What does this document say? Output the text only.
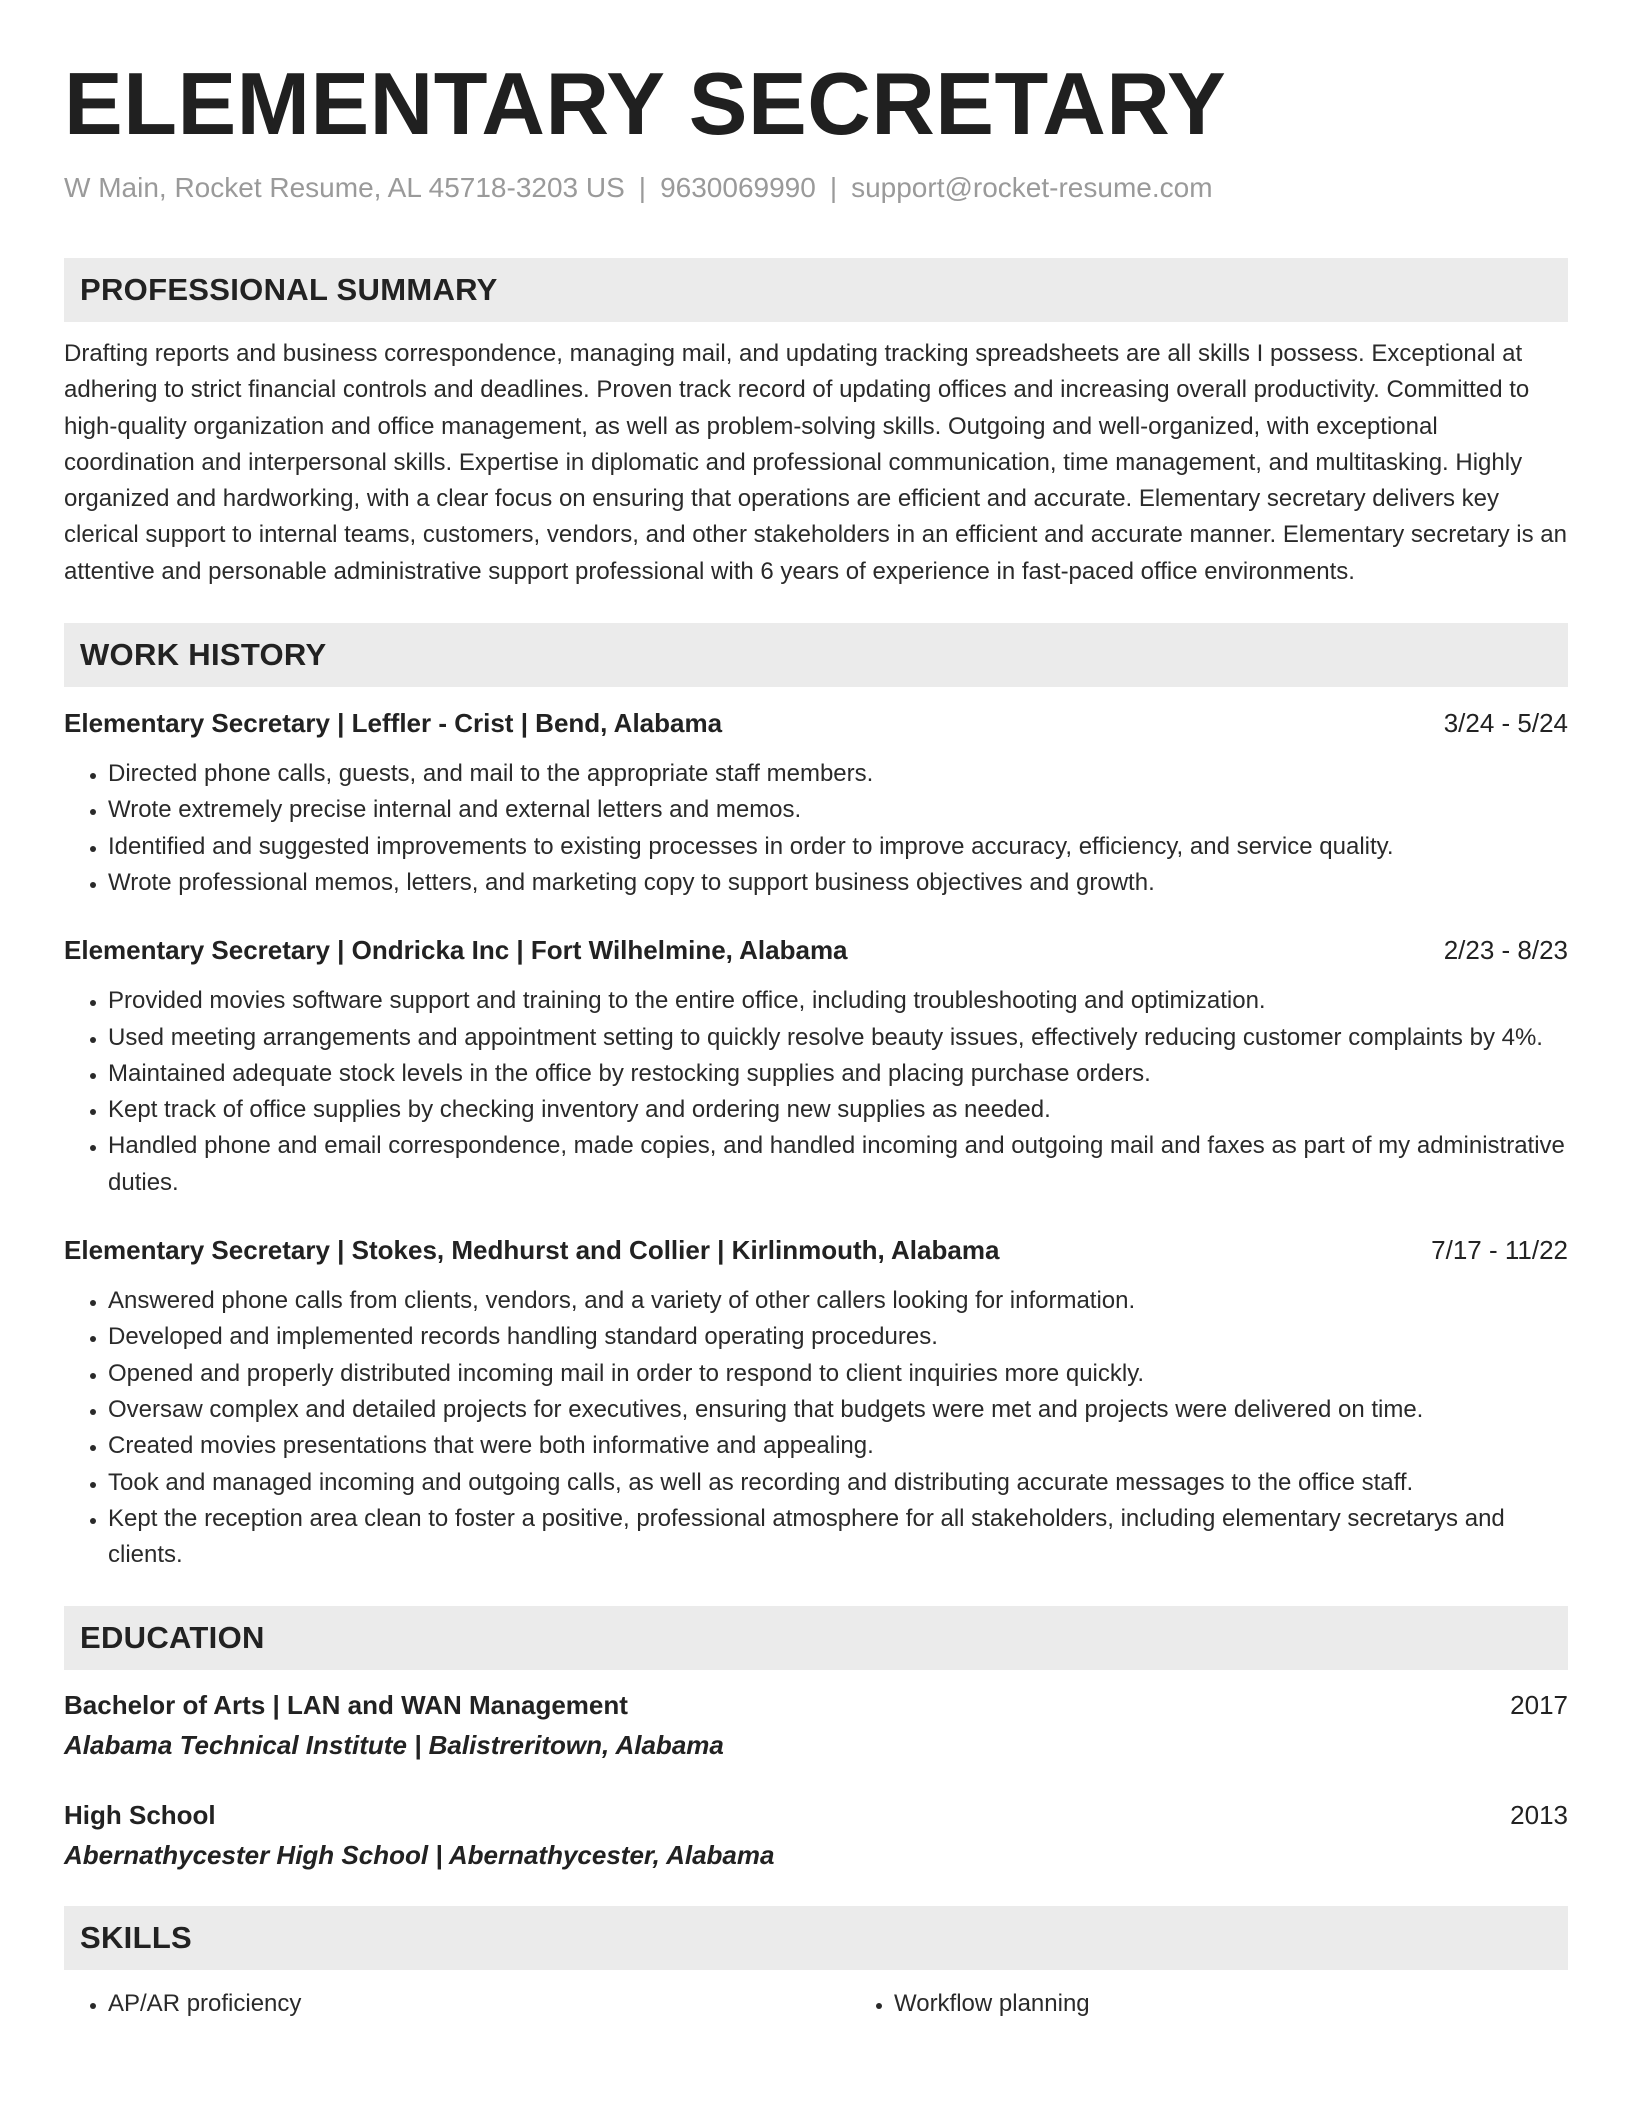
ELEMENTARY SECRETARY
W Main, Rocket Resume, AL 45718-3203 US | 9630069990 | support@rocket-resume.com
PROFESSIONAL SUMMARY

Drafting reports and business correspondence, managing mail, and updating tracking spreadsheets are all skills I possess. Exceptional at adhering to strict financial controls and deadlines. Proven track record of updating offices and increasing overall productivity. Committed to high-quality organization and office management, as well as problem-solving skills. Outgoing and well-organized, with exceptional coordination and interpersonal skills. Expertise in diplomatic and professional communication, time management, and multitasking. Highly organized and hardworking, with a clear focus on ensuring that operations are efficient and accurate. Elementary secretary delivers key clerical support to internal teams, customers, vendors, and other stakeholders in an efficient and accurate manner. Elementary secretary is an attentive and personable administrative support professional with 6 years of experience in fast-paced office environments.

WORK HISTORY
Elementary Secretary | Leffler - Crist | Bend, Alabama	3/24 - 5/24
• Directed phone calls, guests, and mail to the appropriate staff members.
• Wrote extremely precise internal and external letters and memos.
• Identified and suggested improvements to existing processes in order to improve accuracy, efficiency, and service quality.
• Wrote professional memos, letters, and marketing copy to support business objectives and growth.
Elementary Secretary | Ondricka Inc | Fort Wilhelmine, Alabama	2/23 - 8/23
• Provided movies software support and training to the entire office, including troubleshooting and optimization.
• Used meeting arrangements and appointment setting to quickly resolve beauty issues, effectively reducing customer complaints by 4%.
• Maintained adequate stock levels in the office by restocking supplies and placing purchase orders.
• Kept track of office supplies by checking inventory and ordering new supplies as needed.
• Handled phone and email correspondence, made copies, and handled incoming and outgoing mail and faxes as part of my administrative duties.
Elementary Secretary | Stokes, Medhurst and Collier | Kirlinmouth, Alabama	7/17 - 11/22
• Answered phone calls from clients, vendors, and a variety of other callers looking for information.
• Developed and implemented records handling standard operating procedures.
• Opened and properly distributed incoming mail in order to respond to client inquiries more quickly.
• Oversaw complex and detailed projects for executives, ensuring that budgets were met and projects were delivered on time.
• Created movies presentations that were both informative and appealing.
• Took and managed incoming and outgoing calls, as well as recording and distributing accurate messages to the office staff.
• Kept the reception area clean to foster a positive, professional atmosphere for all stakeholders, including elementary secretarys and clients.
EDUCATION
Bachelor of Arts | LAN and WAN Management	2017
Alabama Technical Institute | Balistreritown, Alabama
High School	2013
Abernathycester High School | Abernathycester, Alabama
SKILLS
• AP/AR proficiency
•	Workflow planning
